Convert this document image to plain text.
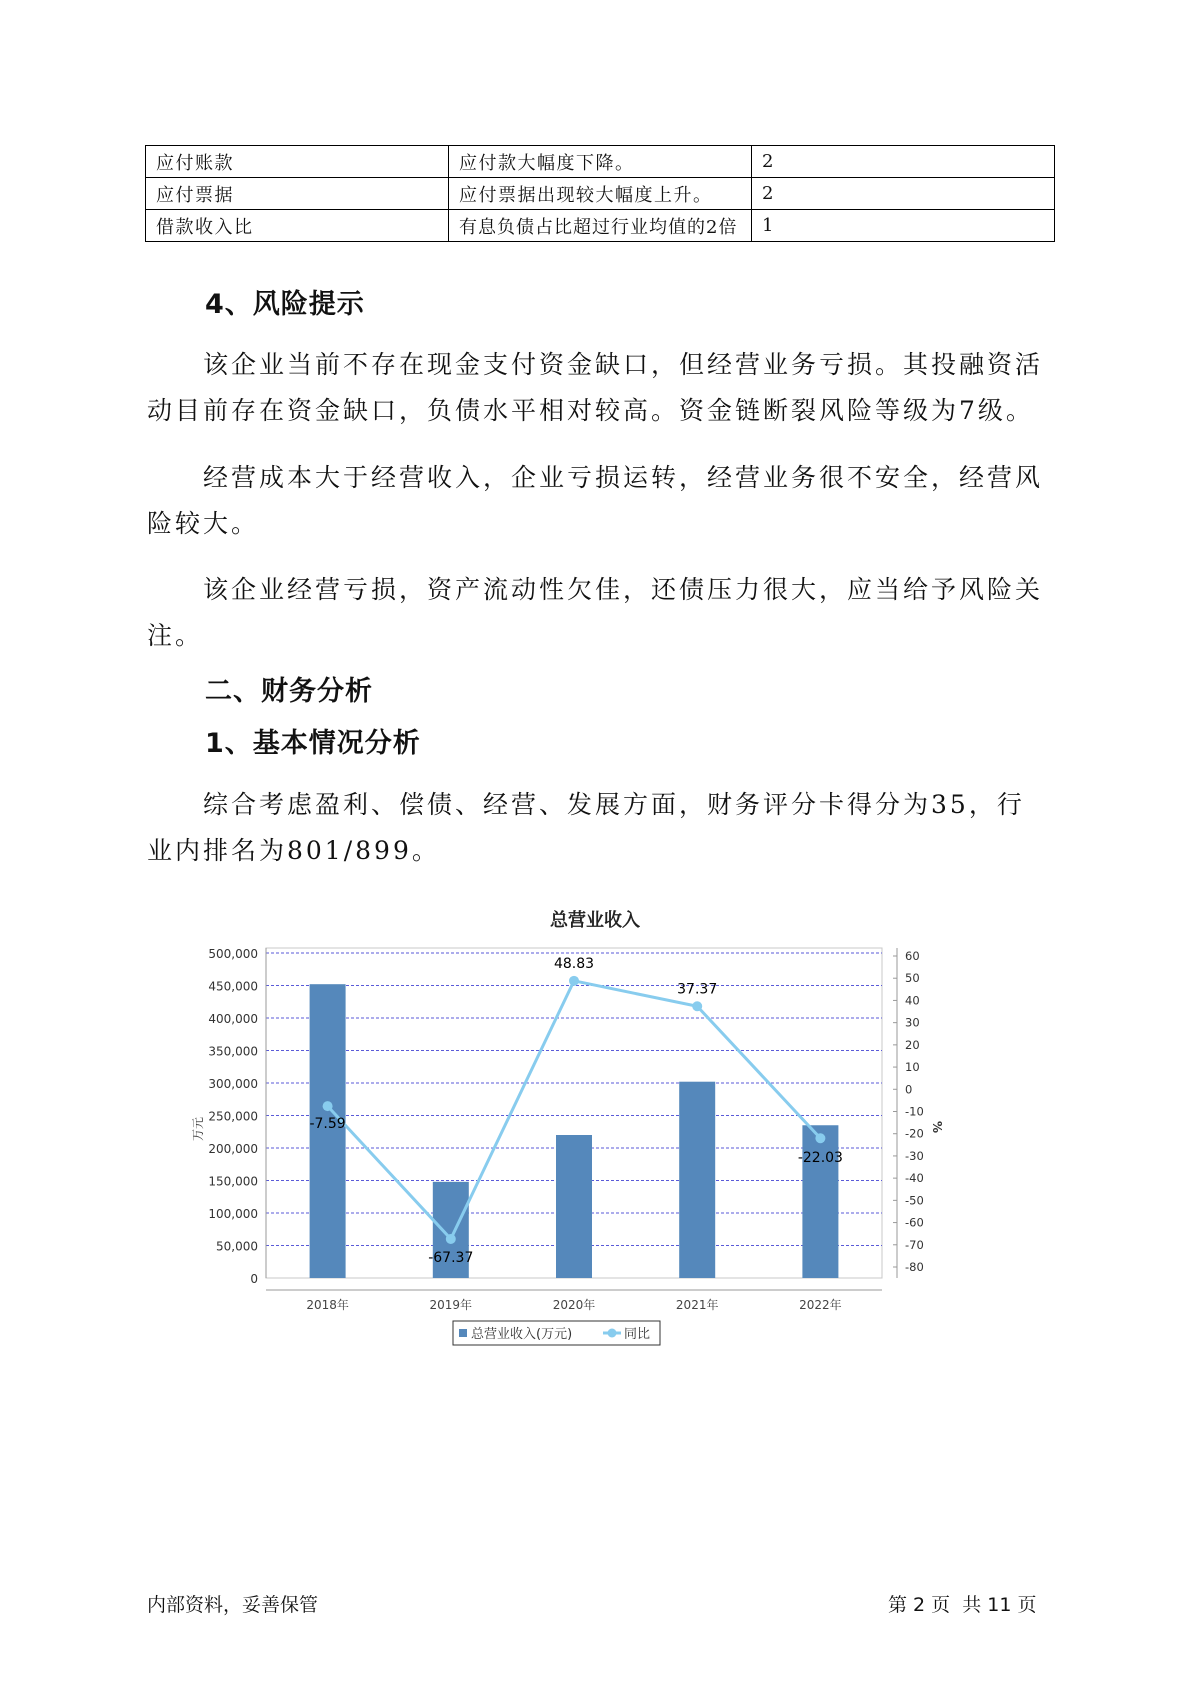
应付账款	应付款大幅度下降。	2
应付票据	应付票据出现较大幅度上升。	2
借款收入比	有息负债占比超过行业均值的2倍	1
4、风险提示

该企业当前不存在现金支付资金缺口，但经营业务亏损。其投融资活动目前存在资金缺口，负债水平相对较高。资金链断裂风险等级为7级。

经营成本大于经营收入，企业亏损运转，经营业务很不安全，经营风险较大。

该企业经营亏损，资产流动性欠佳，还债压力很大，应当给予风险关注。

二、财务分析
1、基本情况分析

综合考虑盈利、偿债、经营、发展方面，财务评分卡得分为35，行业内排名为801/899。

总营业收入
500,000
450,000
400,000
350,000
300,000
250,000
200,000
150,000
100,000
50,000
0
万元
60
50
40
30
20
10
0
-10
-20
-30
-40
-50
-60
-70
-80
%
2018年	2019年	2020年	2021年	2022年
-7.59
-67.37
48.83
37.37
-22.03
总营业收入(万元)	同比
内部资料，妥善保管	第 2 页  共 11 页
